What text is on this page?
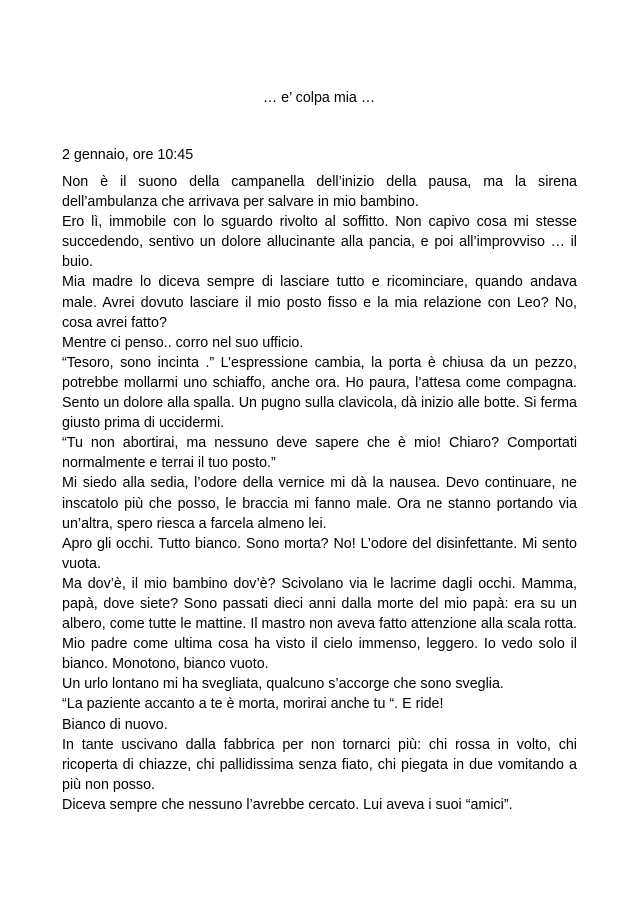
… e’ colpa mia …
2 gennaio, ore 10:45

Non è il suono della campanella dell’inizio della pausa, ma la sirena dell’ambulanza che arrivava per salvare in mio bambino.

Ero lì, immobile con lo sguardo rivolto al soffitto. Non capivo cosa mi stesse succedendo, sentivo un dolore allucinante alla pancia, e poi all’improvviso … il buio.

Mia madre lo diceva sempre di lasciare tutto e ricominciare, quando andava male. Avrei dovuto lasciare il mio posto fisso e la mia relazione con Leo? No, cosa avrei fatto?

Mentre ci penso.. corro nel suo ufficio.

“Tesoro, sono incinta .” L’espressione cambia, la porta è chiusa da un pezzo, potrebbe mollarmi uno schiaffo, anche ora. Ho paura, l’attesa come compagna. Sento un dolore alla spalla. Un pugno sulla clavicola, dà inizio alle botte. Si ferma giusto prima di uccidermi.

“Tu non abortirai, ma nessuno deve sapere che è mio! Chiaro? Comportati normalmente e terrai il tuo posto.”

Mi siedo alla sedia, l’odore della vernice mi dà la nausea. Devo continuare, ne inscatolo più che posso, le braccia mi fanno male. Ora ne stanno portando via un’altra, spero riesca a farcela almeno lei.

Apro gli occhi. Tutto bianco. Sono morta? No! L’odore del disinfettante. Mi sento vuota.

Ma dov’è, il mio bambino dov’è? Scivolano via le lacrime dagli occhi. Mamma, papà, dove siete? Sono passati dieci anni dalla morte del mio papà: era su un albero, come tutte le mattine. Il mastro non aveva fatto attenzione alla scala rotta. Mio padre come ultima cosa ha visto il cielo immenso, leggero. Io vedo solo il bianco. Monotono, bianco vuoto.

Un urlo lontano mi ha svegliata, qualcuno s’accorge che sono sveglia.

“La paziente accanto a te è morta, morirai anche tu “. E ride!

Bianco di nuovo.

In tante uscivano dalla fabbrica per non tornarci più: chi rossa in volto, chi ricoperta di chiazze, chi pallidissima senza fiato, chi piegata in due vomitando a più non posso.

Diceva sempre che nessuno l’avrebbe cercato. Lui aveva i suoi “amici”.
